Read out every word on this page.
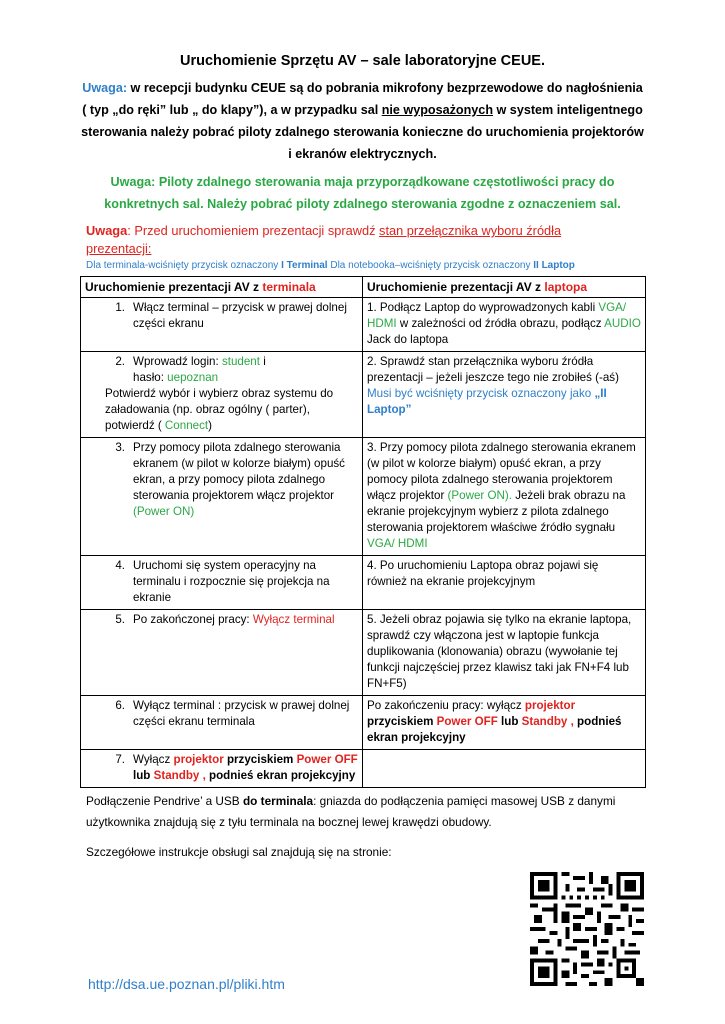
Uruchomienie Sprzętu AV – sale laboratoryjne CEUE.
Uwaga: w recepcji budynku CEUE są do pobrania mikrofony bezprzewodowe do nagłośnienia ( typ „do ręki” lub „ do klapy”), a w przypadku sal nie wyposażonych w system inteligentnego sterowania należy pobrać piloty zdalnego sterowania konieczne do uruchomienia projektorów i ekranów elektrycznych.
Uwaga: Piloty zdalnego sterowania maja przyporządkowane częstotliwości pracy do konkretnych sal. Należy pobrać piloty zdalnego sterowania zgodne z oznaczeniem sal.
Uwaga: Przed uruchomieniem prezentacji sprawdź stan przełącznika wyboru źródła prezentacji:
Dla terminala-wciśnięty przycisk oznaczony I Terminal Dla notebooka–wciśnięty przycisk oznaczony II Laptop
Uruchomienie prezentacji AV z terminala	Uruchomienie prezentacji AV z laptopa

1. Włącz terminal – przycisk w prawej dolnej części ekranu	1. Podłącz Laptop do wyprowadzonych kabli VGA/ HDMI w zależności od źródła obrazu, podłącz AUDIO Jack do laptopa

2. Wprowadź login: student i
hasło: uepoznan
Potwierdź wybór i wybierz obraz systemu do załadowania (np. obraz ogólny ( parter), potwierdź ( Connect)	2. Sprawdź stan przełącznika wyboru źródła prezentacji – jeżeli jeszcze tego nie zrobiłeś (-aś) Musi być wciśnięty przycisk oznaczony jako „II Laptop”

3. Przy pomocy pilota zdalnego sterowania ekranem (w pilot w kolorze białym) opuść ekran, a przy pomocy pilota zdalnego sterowania projektorem włącz projektor (Power ON)	3. Przy pomocy pilota zdalnego sterowania ekranem (w pilot w kolorze białym) opuść ekran, a przy pomocy pilota zdalnego sterowania projektorem włącz projektor (Power ON). Jeżeli brak obrazu na ekranie projekcyjnym wybierz z pilota zdalnego sterowania projektorem właściwe źródło sygnału VGA/ HDMI

4. Uruchomi się system operacyjny na terminalu i rozpocznie się projekcja na ekranie	4. Po uruchomieniu Laptopa obraz pojawi się również na ekranie projekcyjnym

5. Po zakończonej pracy: Wyłącz terminal	5. Jeżeli obraz pojawia się tylko na ekranie laptopa, sprawdź czy włączona jest w laptopie funkcja duplikowania (klonowania) obrazu (wywołanie tej funkcji najczęściej przez klawisz taki jak FN+F4 lub FN+F5)

6. Wyłącz terminal : przycisk w prawej dolnej części ekranu terminala	Po zakończeniu pracy: wyłącz projektor przyciskiem Power OFF lub Standby , podnieś ekran projekcyjny

7. Wyłącz projektor przyciskiem Power OFF lub Standby , podnieś ekran projekcyjny	

Podłączenie Pendrive’ a USB do terminala: gniazda do podłączenia pamięci masowej USB z danymi użytkownika znajdują się z tyłu terminala na bocznej lewej krawędzi obudowy.
Szczegółowe instrukcje obsługi sal znajdują się na stronie:
http://dsa.ue.poznan.pl/pliki.htm
